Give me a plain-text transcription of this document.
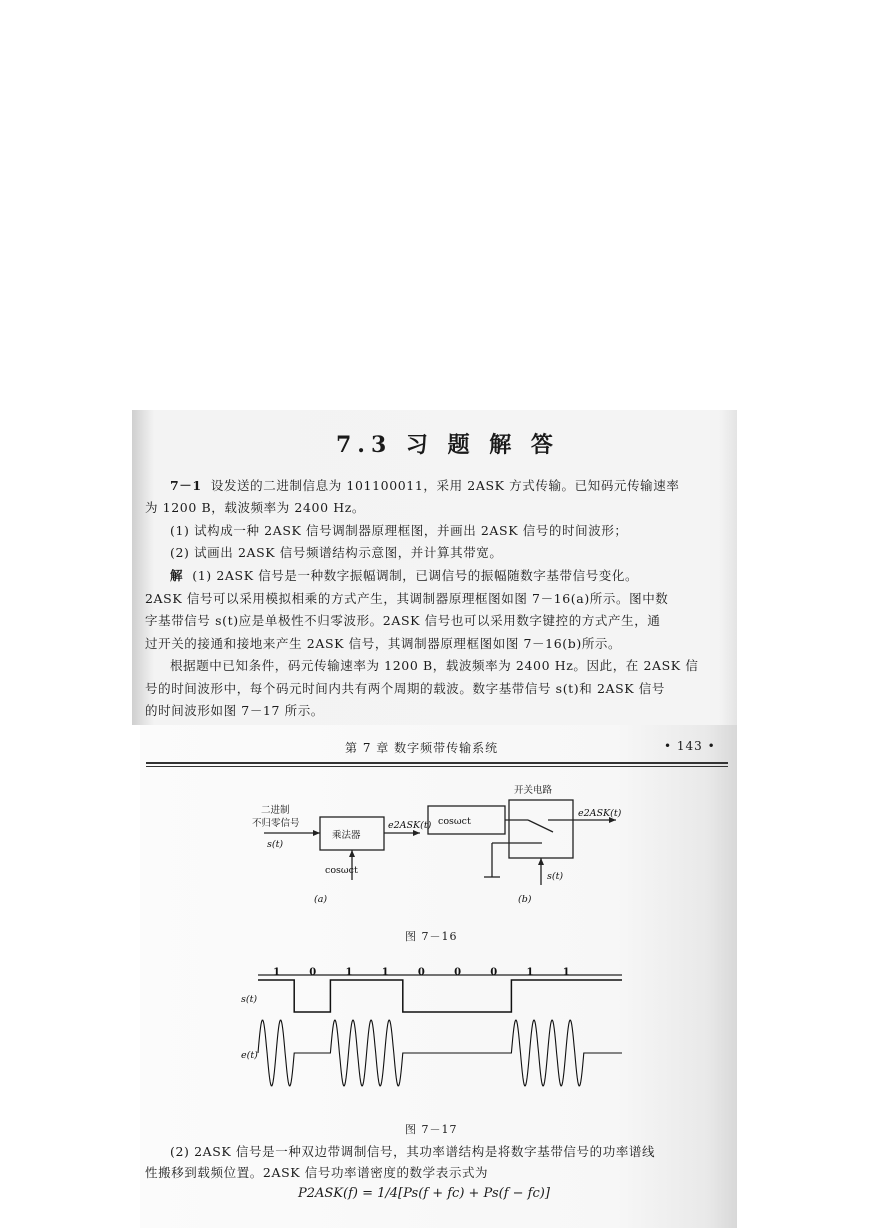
7.3 习 题 解 答
7－1 设发送的二进制信息为 101100011，采用 2ASK 方式传输。已知码元传输速率
为 1200 B，载波频率为 2400 Hz。
(1) 试构成一种 2ASK 信号调制器原理框图，并画出 2ASK 信号的时间波形；
(2) 试画出 2ASK 信号频谱结构示意图，并计算其带宽。
解 (1) 2ASK 信号是一种数字振幅调制，已调信号的振幅随数字基带信号变化。
2ASK 信号可以采用模拟相乘的方式产生，其调制器原理框图如图 7－16(a)所示。图中数
字基带信号 s(t)应是单极性不归零波形。2ASK 信号也可以采用数字键控的方式产生，通
过开关的接通和接地来产生 2ASK 信号，其调制器原理框图如图 7－16(b)所示。
根据题中已知条件，码元传输速率为 1200 B，载波频率为 2400 Hz。因此，在 2ASK 信
号的时间波形中，每个码元时间内共有两个周期的载波。数字基带信号 s(t)和 2ASK 信号
的时间波形如图 7－17 所示。
第 7 章 数字频带传输系统	• 143 •
二进制
不归零信号
s(t)
乘法器
e2ASK(t)
cosωct
(a)
开关电路
cosωct
e2ASK(t)
s(t)
(b)
s(t)
e(t)
1	0	1	1	0	0	0	1	1
图 7－16
图 7－17
(2) 2ASK 信号是一种双边带调制信号，其功率谱结构是将数字基带信号的功率谱线
性搬移到载频位置。2ASK 信号功率谱密度的数学表示式为
P2ASK(f) = 1/4[Ps(f + fc) + Ps(f − fc)]
